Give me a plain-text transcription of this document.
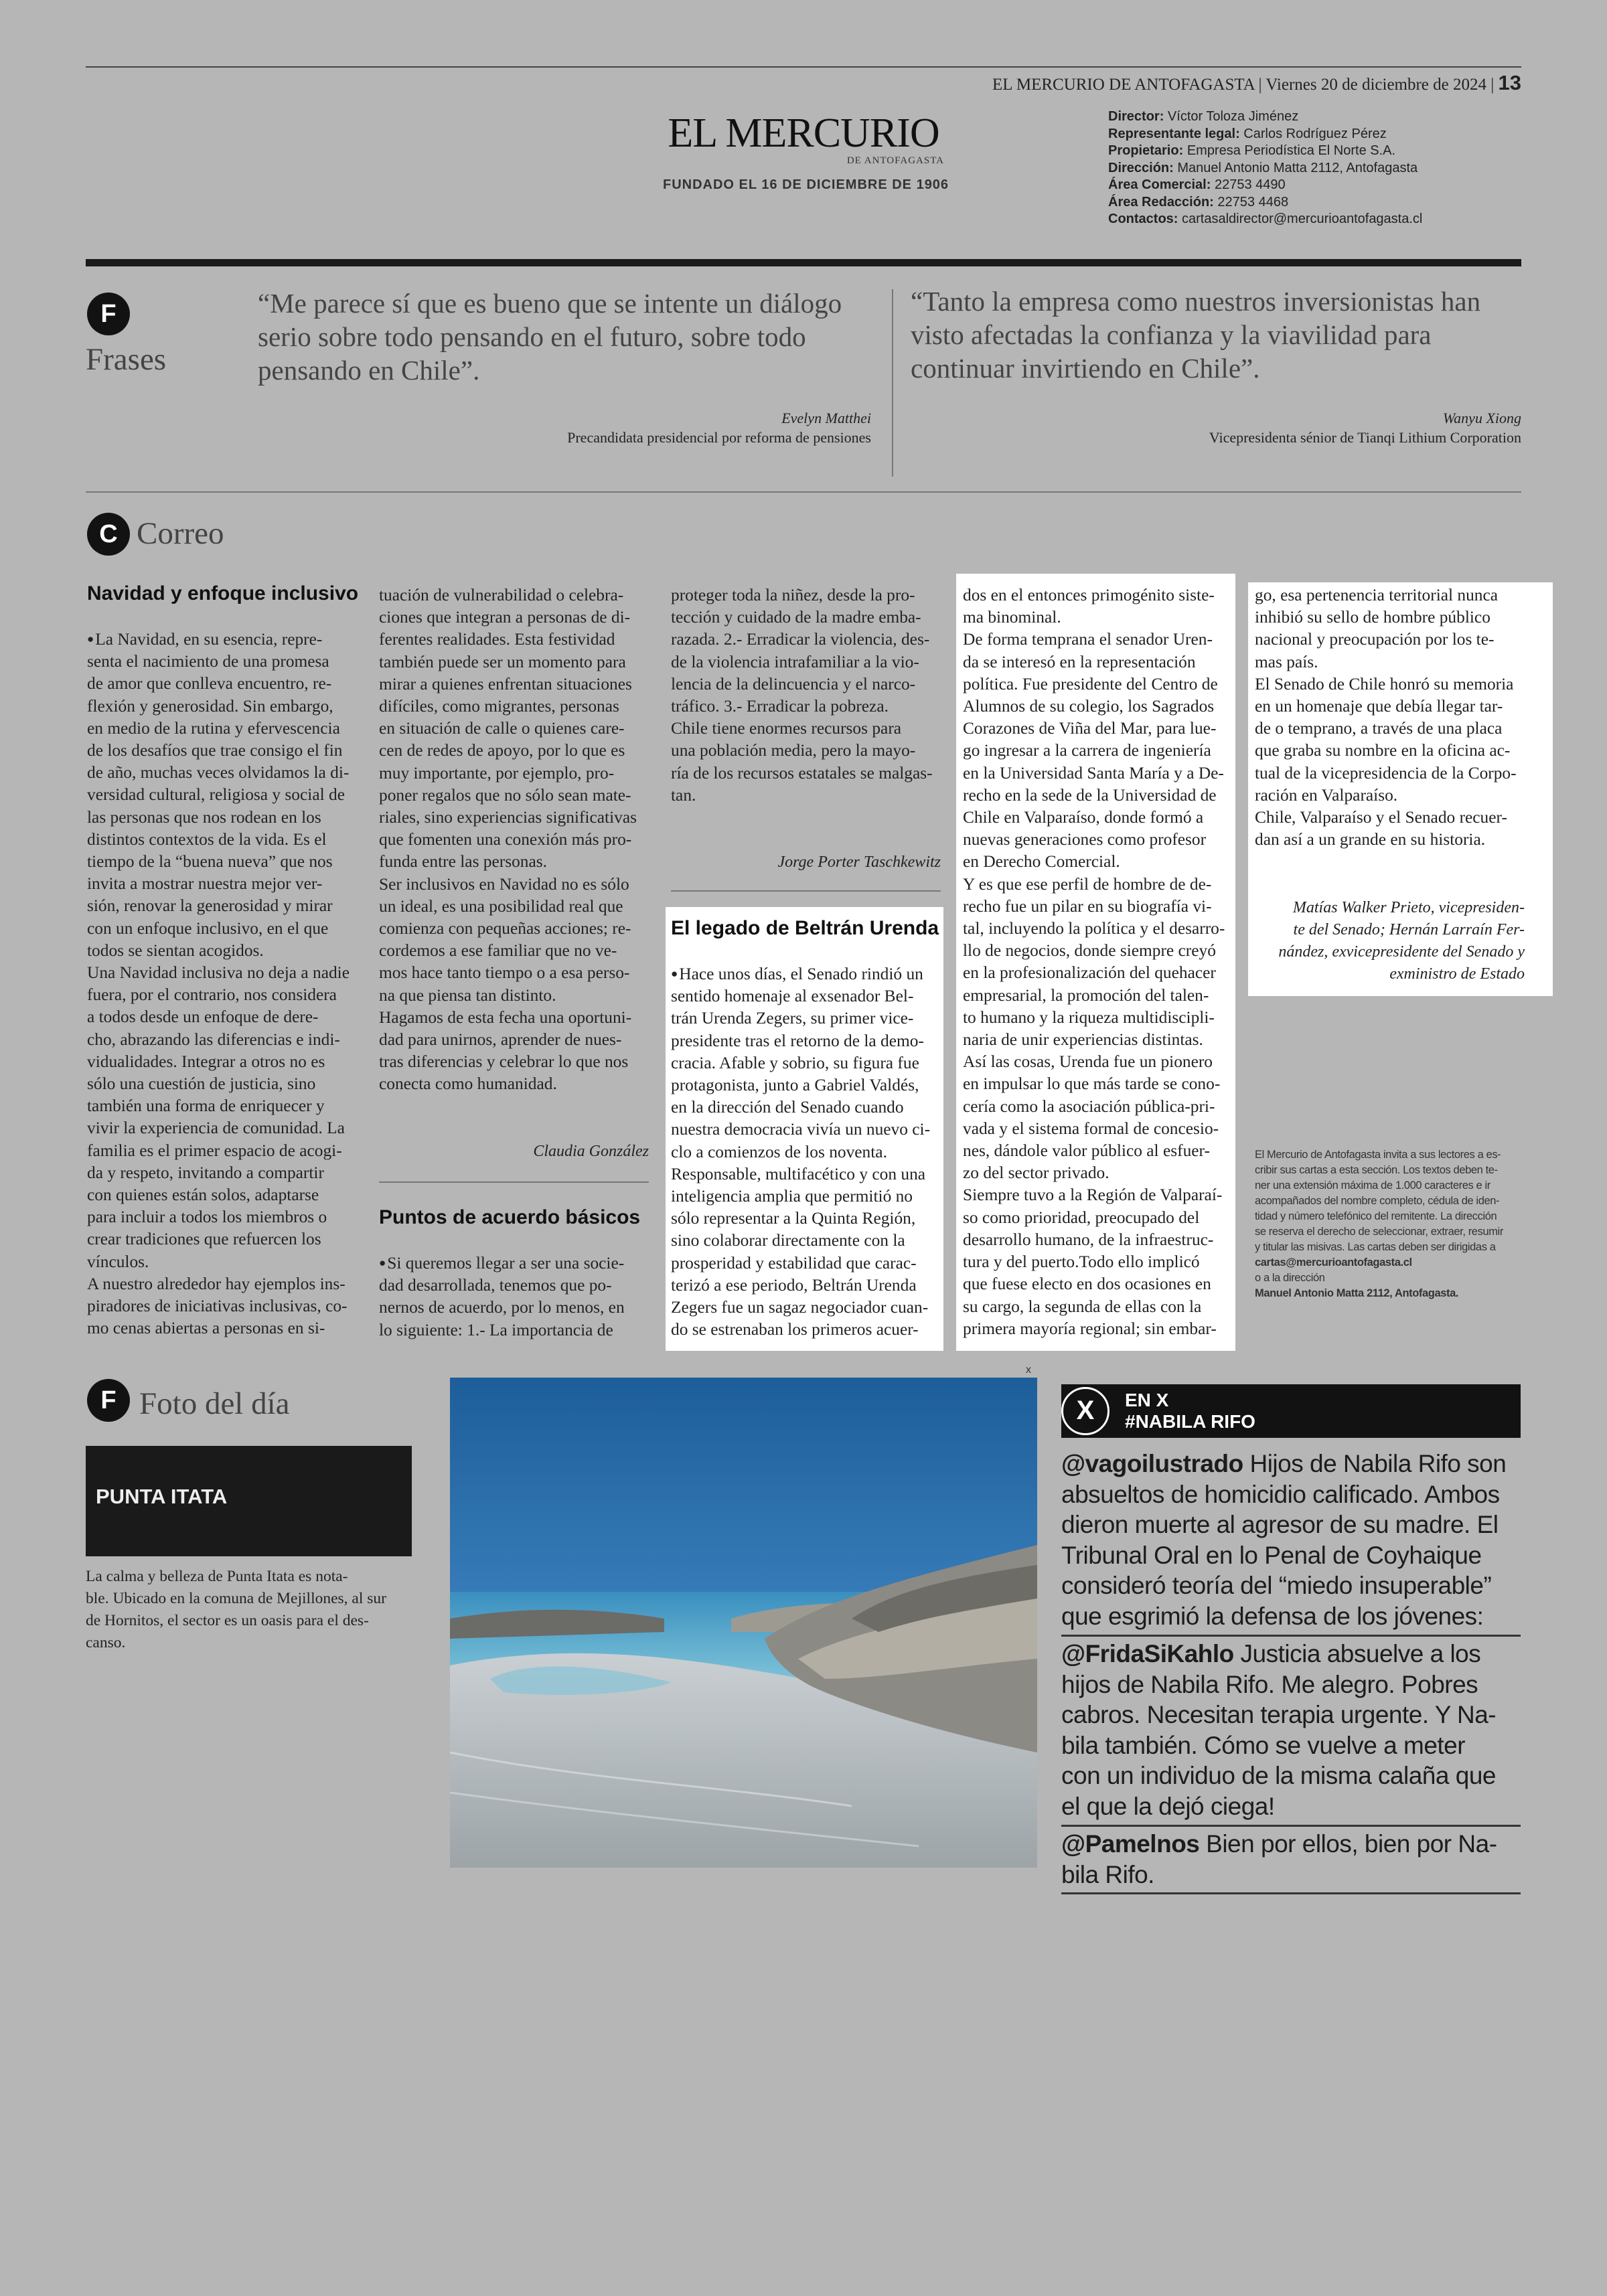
EL MERCURIO DE ANTOFAGASTA | Viernes 20 de diciembre de 2024 | 13
EL MERCURIO
DE ANTOFAGASTA
FUNDADO EL 16 DE DICIEMBRE DE 1906
Director: Víctor Toloza Jiménez
Representante legal: Carlos Rodríguez Pérez
Propietario: Empresa Periodística El Norte S.A.
Dirección: Manuel Antonio Matta 2112, Antofagasta
Área Comercial: 22753 4490
Área Redacción: 22753 4468
Contactos: cartasaldirector@mercurioantofagasta.cl
F
Frases
“Me parece sí que es bueno que se intente un diálogo
serio sobre todo pensando en el futuro, sobre todo
pensando en Chile”.
Evelyn Matthei
Precandidata presidencial por reforma de pensiones
“Tanto la empresa como nuestros inversionistas han
visto afectadas la confianza y la viavilidad para
continuar invirtiendo en Chile”.
Wanyu Xiong
Vicepresidenta sénior de Tianqi Lithium Corporation
C Correo
Navidad y enfoque inclusivo

● La Navidad, en su esencia, repre-

senta el nacimiento de una promesa

de amor que conlleva encuentro, re-

flexión y generosidad. Sin embargo,

en medio de la rutina y efervescencia

de los desafíos que trae consigo el fin

de año, muchas veces olvidamos la di-

versidad cultural, religiosa y social de

las personas que nos rodean en los

distintos contextos de la vida. Es el

tiempo de la “buena nueva” que nos

invita a mostrar nuestra mejor ver-

sión, renovar la generosidad y mirar

con un enfoque inclusivo, en el que

todos se sientan acogidos.

Una Navidad inclusiva no deja a nadie

fuera, por el contrario, nos considera

a todos desde un enfoque de dere-

cho, abrazando las diferencias e indi-

vidualidades. Integrar a otros no es

sólo una cuestión de justicia, sino

también una forma de enriquecer y

vivir la experiencia de comunidad. La

familia es el primer espacio de acogi-

da y respeto, invitando a compartir

con quienes están solos, adaptarse

para incluir a todos los miembros o

crear tradiciones que refuercen los

vínculos.

A nuestro alrededor hay ejemplos ins-

piradores de iniciativas inclusivas, co-

mo cenas abiertas a personas en si-

tuación de vulnerabilidad o celebra-

ciones que integran a personas de di-

ferentes realidades. Esta festividad

también puede ser un momento para

mirar a quienes enfrentan situaciones

difíciles, como migrantes, personas

en situación de calle o quienes care-

cen de redes de apoyo, por lo que es

muy importante, por ejemplo, pro-

poner regalos que no sólo sean mate-

riales, sino experiencias significativas

que fomenten una conexión más pro-

funda entre las personas.

Ser inclusivos en Navidad no es sólo

un ideal, es una posibilidad real que

comienza con pequeñas acciones; re-

cordemos a ese familiar que no ve-

mos hace tanto tiempo o a esa perso-

na que piensa tan distinto.

Hagamos de esta fecha una oportuni-

dad para unirnos, aprender de nues-

tras diferencias y celebrar lo que nos

conecta como humanidad.

Claudia González
Puntos de acuerdo básicos

● Si queremos llegar a ser una socie-

dad desarrollada, tenemos que po-

nernos de acuerdo, por lo menos, en

lo siguiente: 1.- La importancia de

proteger toda la niñez, desde la pro-

tección y cuidado de la madre emba-

razada. 2.- Erradicar la violencia, des-

de la violencia intrafamiliar a la vio-

lencia de la delincuencia y el narco-

tráfico. 3.- Erradicar la pobreza.

Chile tiene enormes recursos para

una población media, pero la mayo-

ría de los recursos estatales se malgas-

tan.

Jorge Porter Taschkewitz
El legado de Beltrán Urenda

● Hace unos días, el Senado rindió un

sentido homenaje al exsenador Bel-

trán Urenda Zegers, su primer vice-

presidente tras el retorno de la demo-

cracia. Afable y sobrio, su figura fue

protagonista, junto a Gabriel Valdés,

en la dirección del Senado cuando

nuestra democracia vivía un nuevo ci-

clo a comienzos de los noventa.

Responsable, multifacético y con una

inteligencia amplia que permitió no

sólo representar a la Quinta Región,

sino colaborar directamente con la

prosperidad y estabilidad que carac-

terizó a ese periodo, Beltrán Urenda

Zegers fue un sagaz negociador cuan-

do se estrenaban los primeros acuer-

dos en el entonces primogénito siste-

ma binominal.

De forma temprana el senador Uren-

da se interesó en la representación

política. Fue presidente del Centro de

Alumnos de su colegio, los Sagrados

Corazones de Viña del Mar, para lue-

go ingresar a la carrera de ingeniería

en la Universidad Santa María y a De-

recho en la sede de la Universidad de

Chile en Valparaíso, donde formó a

nuevas generaciones como profesor

en Derecho Comercial.

Y es que ese perfil de hombre de de-

recho fue un pilar en su biografía vi-

tal, incluyendo la política y el desarro-

llo de negocios, donde siempre creyó

en la profesionalización del quehacer

empresarial, la promoción del talen-

to humano y la riqueza multidiscipli-

naria de unir experiencias distintas.

Así las cosas, Urenda fue un pionero

en impulsar lo que más tarde se cono-

cería como la asociación pública-pri-

vada y el sistema formal de concesio-

nes, dándole valor público al esfuer-

zo del sector privado.

Siempre tuvo a la Región de Valparaí-

so como prioridad, preocupado del

desarrollo humano, de la infraestruc-

tura y del puerto.Todo ello implicó

que fuese electo en dos ocasiones en

su cargo, la segunda de ellas con la

primera mayoría regional; sin embar-

go, esa pertenencia territorial nunca

inhibió su sello de hombre público

nacional y preocupación por los te-

mas país.

El Senado de Chile honró su memoria

en un homenaje que debía llegar tar-

de o temprano, a través de una placa

que graba su nombre en la oficina ac-

tual de la vicepresidencia de la Corpo-

ración en Valparaíso.

Chile, Valparaíso y el Senado recuer-

dan así a un grande en su historia.

Matías Walker Prieto, vicepresiden-
te del Senado; Hernán Larraín Fer-
nández, exvicepresidente del Senado y
exministro de Estado
El Mercurio de Antofagasta invita a sus lectores a es-
cribir sus cartas a esta sección. Los textos deben te-
ner una extensión máxima de 1.000 caracteres e ir
acompañados del nombre completo, cédula de iden-
tidad y número telefónico del remitente. La dirección
se reserva el derecho de seleccionar, extraer, resumir
y titular las misivas. Las cartas deben ser dirigidas a
cartas@mercurioantofagasta.cl
o a la dirección
Manuel Antonio Matta 2112, Antofagasta.
F Foto del día
PUNTA ITATA
La calma y belleza de Punta Itata es nota-
ble. Ubicado en la comuna de Mejillones, al sur
de Hornitos, el sector es un oasis para el des-
canso.
x
X	EN X
#NABILA RIFO
@vagoilustrado Hijos de Nabila Rifo son
absueltos de homicidio calificado. Ambos
dieron muerte al agresor de su madre. El
Tribunal Oral en lo Penal de Coyhaique
consideró teoría del “miedo insuperable”
que esgrimió la defensa de los jóvenes:
@FridaSiKahlo Justicia absuelve a los
hijos de Nabila Rifo. Me alegro. Pobres
cabros. Necesitan terapia urgente. Y Na-
bila también. Cómo se vuelve a meter
con un individuo de la misma calaña que
el que la dejó ciega!
@Pamelnos Bien por ellos, bien por Na-
bila Rifo.
